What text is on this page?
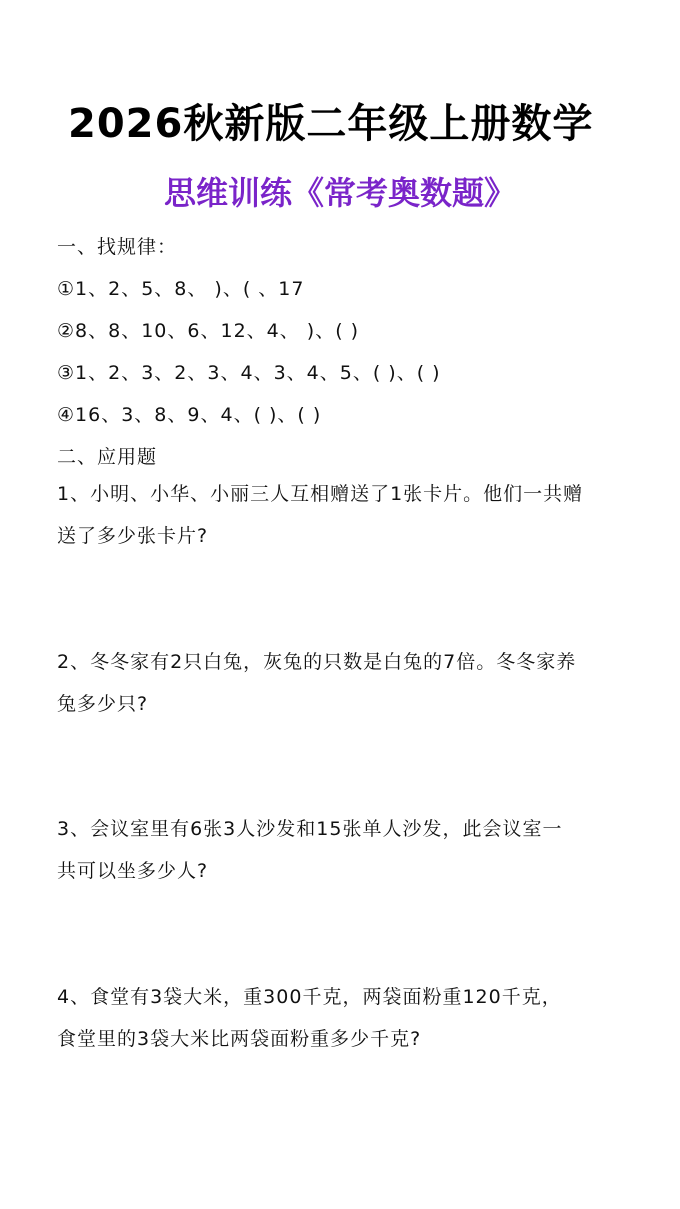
2026秋新版二年级上册数学
思维训练《常考奥数题》
一、找规律：
①1、2、5、8、 )、( 、17
②8、8、10、6、12、4、 )、( )
③1、2、3、2、3、4、3、4、5、( )、( )
④16、3、8、9、4、( )、( )
二、应用题
1、小明、小华、小丽三人互相赠送了1张卡片。他们一共赠
送了多少张卡片?
2、冬冬家有2只白兔，灰兔的只数是白兔的7倍。冬冬家养
兔多少只?
3、会议室里有6张3人沙发和15张单人沙发，此会议室一
共可以坐多少人?
4、食堂有3袋大米，重300千克，两袋面粉重120千克，
食堂里的3袋大米比两袋面粉重多少千克?
